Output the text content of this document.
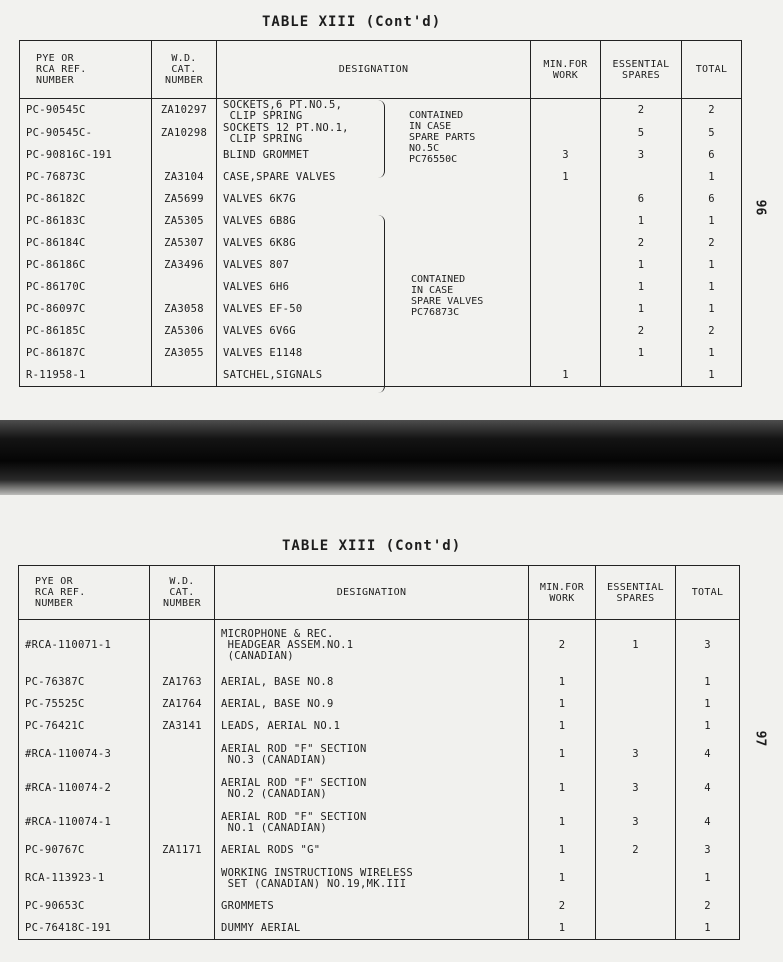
TABLE XIII (Cont'd)
96
PYE OR
RCA REF.
NUMBER	W.D.
CAT.
NUMBER	DESIGNATION	MIN.FOR
WORK	ESSENTIAL
SPARES	TOTAL

PC-90545C	ZA10297	SOCKETS,6 PT.NO.5,
CLIP SPRING		2	2

PC-90545C-	ZA10298	SOCKETS 12 PT.NO.1,
CLIP SPRING		5	5

PC-90816C-191		BLIND GROMMET	3	3	6

PC-76873C	ZA3104	CASE,SPARE VALVES	1		1

PC-86182C	ZA5699	VALVES 6K7G		6	6

PC-86183C	ZA5305	VALVES 6B8G		1	1

PC-86184C	ZA5307	VALVES 6K8G		2	2

PC-86186C	ZA3496	VALVES 807		1	1

PC-86170C		VALVES 6H6		1	1

PC-86097C	ZA3058	VALVES EF-50		1	1

PC-86185C	ZA5306	VALVES 6V6G		2	2

PC-86187C	ZA3055	VALVES E1148		1	1

R-11958-1		SATCHEL,SIGNALS	1		1
CONTAINED
IN CASE
SPARE PARTS
NO.5C
PC76550C
CONTAINED
IN CASE
SPARE VALVES
PC76873C
TABLE XIII (Cont'd)
97
PYE OR
RCA REF.
NUMBER	W.D.
CAT.
NUMBER	DESIGNATION	MIN.FOR
WORK	ESSENTIAL
SPARES	TOTAL

#RCA-110071-1		MICROPHONE & REC.
HEADGEAR ASSEM.NO.1
(CANADIAN)	2	1	3

PC-76387C	ZA1763	AERIAL, BASE NO.8	1		1

PC-75525C	ZA1764	AERIAL, BASE NO.9	1		1

PC-76421C	ZA3141	LEADS, AERIAL NO.1	1		1

#RCA-110074-3		AERIAL ROD "F" SECTION
NO.3 (CANADIAN)	1	3	4

#RCA-110074-2		AERIAL ROD "F" SECTION
NO.2 (CANADIAN)	1	3	4

#RCA-110074-1		AERIAL ROD "F" SECTION
NO.1 (CANADIAN)	1	3	4

PC-90767C	ZA1171	AERIAL RODS "G"	1	2	3

RCA-113923-1		WORKING INSTRUCTIONS WIRELESS
SET (CANADIAN) NO.19,MK.III	1		1

PC-90653C		GROMMETS	2		2

PC-76418C-191		DUMMY AERIAL	1		1
